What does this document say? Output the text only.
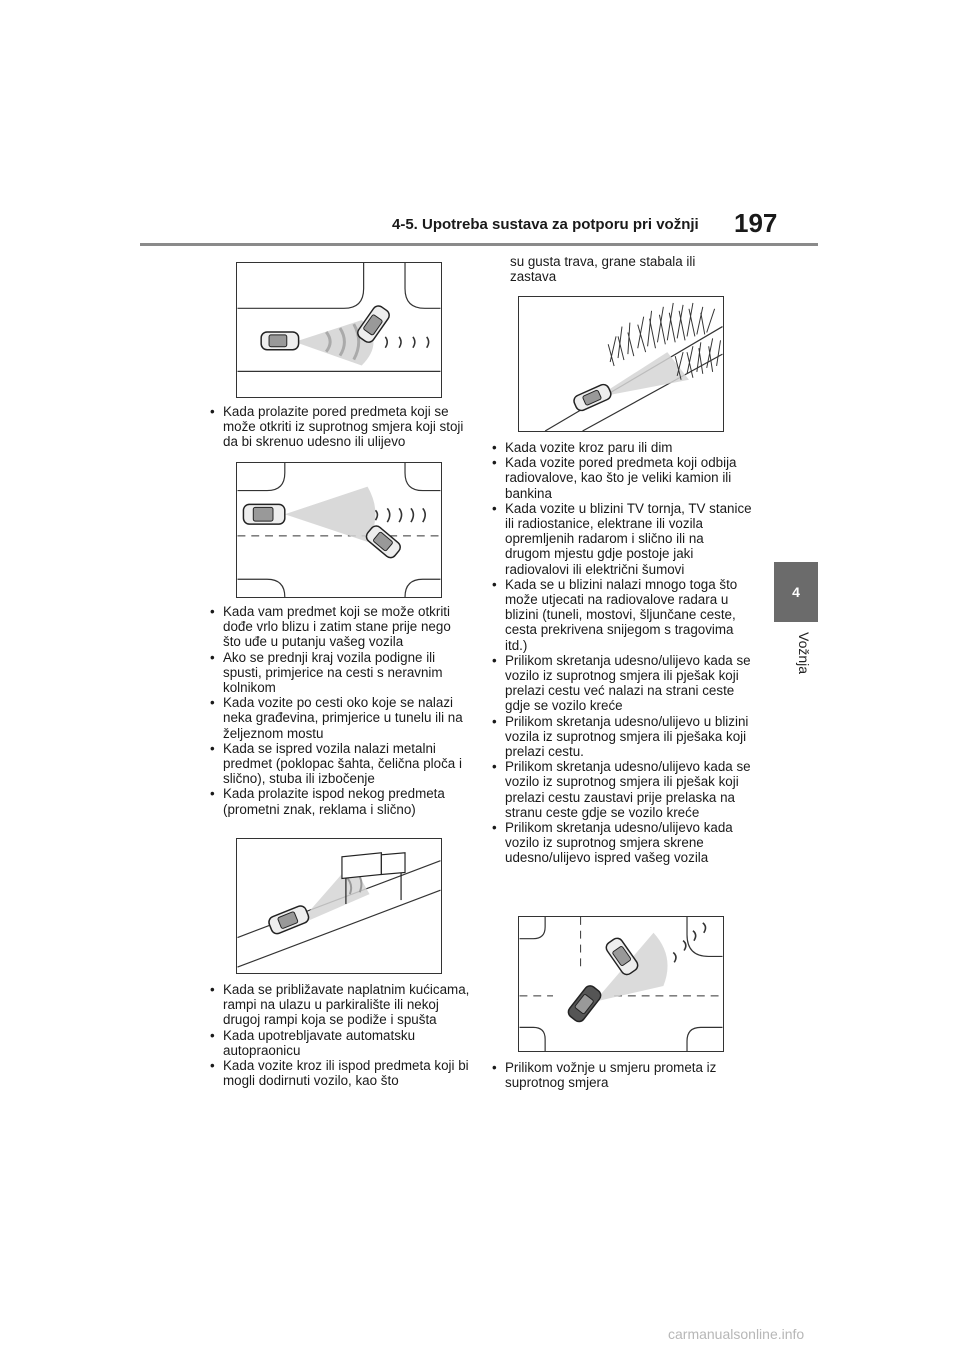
4-5. Upotreba sustava za potporu pri vožnji 197
4
Vožnja
• Kada prolazite pored predmeta koji se može otkriti iz suprotnog smjera koji stoji da bi skrenuo udesno ili ulijevo
• Kada vam predmet koji se može otkriti dođe vrlo blizu i zatim stane prije nego što uđe u putanju vašeg vozila
• Ako se prednji kraj vozila podigne ili spusti, primjerice na cesti s neravnim kolnikom
• Kada vozite po cesti oko koje se nalazi neka građevina, primjerice u tunelu ili na željeznom mostu
• Kada se ispred vozila nalazi metalni predmet (poklopac šahta, čelična ploča i slično), stuba ili izbočenje
• Kada prolazite ispod nekog predmeta (prometni znak, reklama i slično)
• Kada se približavate naplatnim kućicama, rampi na ulazu u parkiralište ili nekoj drugoj rampi koja se podiže i spušta
• Kada upotrebljavate automatsku autopraonicu
• Kada vozite kroz ili ispod predmeta koji bi mogli dodirnuti vozilo, kao što
su gusta trava, grane stabala ili zastava
• Kada vozite kroz paru ili dim
• Kada vozite pored predmeta koji odbija radiovalove, kao što je veliki kamion ili bankina
• Kada vozite u blizini TV tornja, TV stanice ili radiostanice, elektrane ili vozila opremljenih radarom i slično ili na drugom mjestu gdje postoje jaki radiovalovi ili električni šumovi
• Kada se u blizini nalazi mnogo toga što može utjecati na radiovalove radara u blizini (tuneli, mostovi, šljunčane ceste, cesta prekrivena snijegom s tragovima itd.)
• Prilikom skretanja udesno/ulijevo kada se vozilo iz suprotnog smjera ili pješak koji prelazi cestu već nalazi na strani ceste gdje se vozilo kreće
• Prilikom skretanja udesno/ulijevo u blizini vozila iz suprotnog smjera ili pješaka koji prelazi cestu.
• Prilikom skretanja udesno/ulijevo kada se vozilo iz suprotnog smjera ili pješak koji prelazi cestu zaustavi prije prelaska na stranu ceste gdje se vozilo kreće
• Prilikom skretanja udesno/ulijevo kada vozilo iz suprotnog smjera skrene udesno/ulijevo ispred vašeg vozila
• Prilikom vožnje u smjeru prometa iz suprotnog smjera
carmanualsonline.info
